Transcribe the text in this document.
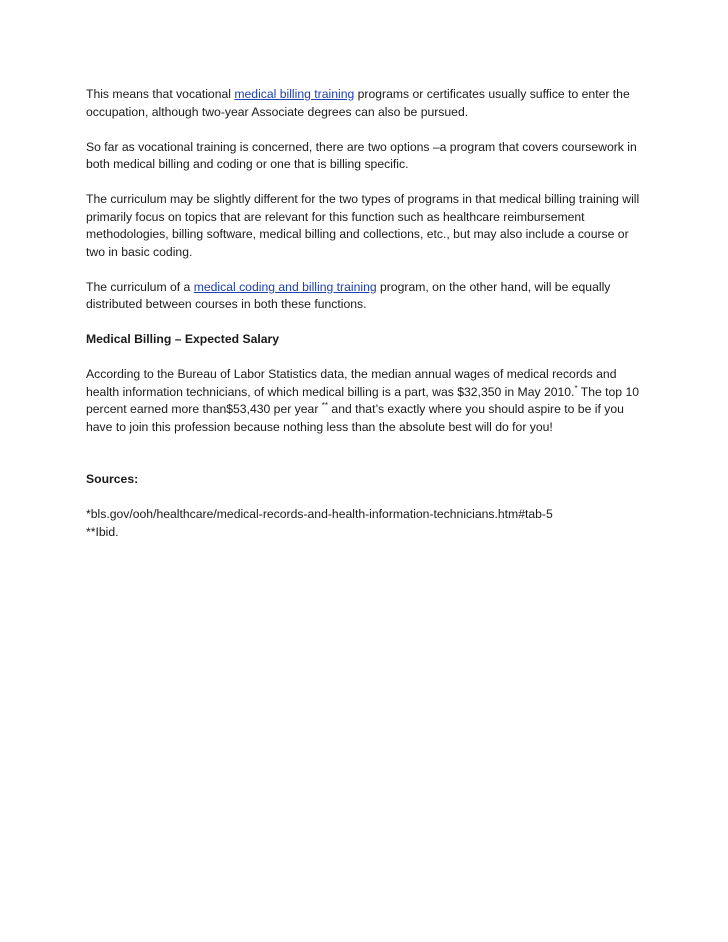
This means that vocational medical billing training programs or certificates usually suffice to enter the occupation, although two-year Associate degrees can also be pursued.

So far as vocational training is concerned, there are two options –a program that covers coursework in both medical billing and coding or one that is billing specific.

The curriculum may be slightly different for the two types of programs in that medical billing training will primarily focus on topics that are relevant for this function such as healthcare reimbursement methodologies, billing software, medical billing and collections, etc., but may also include a course or two in basic coding.

The curriculum of a medical coding and billing training program, on the other hand, will be equally distributed between courses in both these functions.

Medical Billing – Expected Salary

According to the Bureau of Labor Statistics data, the median annual wages of medical records and health information technicians, of which medical billing is a part, was $32,350 in May 2010.* The top 10 percent earned more than$53,430 per year ** and that’s exactly where you should aspire to be if you have to join this profession because nothing less than the absolute best will do for you!

Sources:

*bls.gov/ooh/healthcare/medical-records-and-health-information-technicians.htm#tab-5

**Ibid.
